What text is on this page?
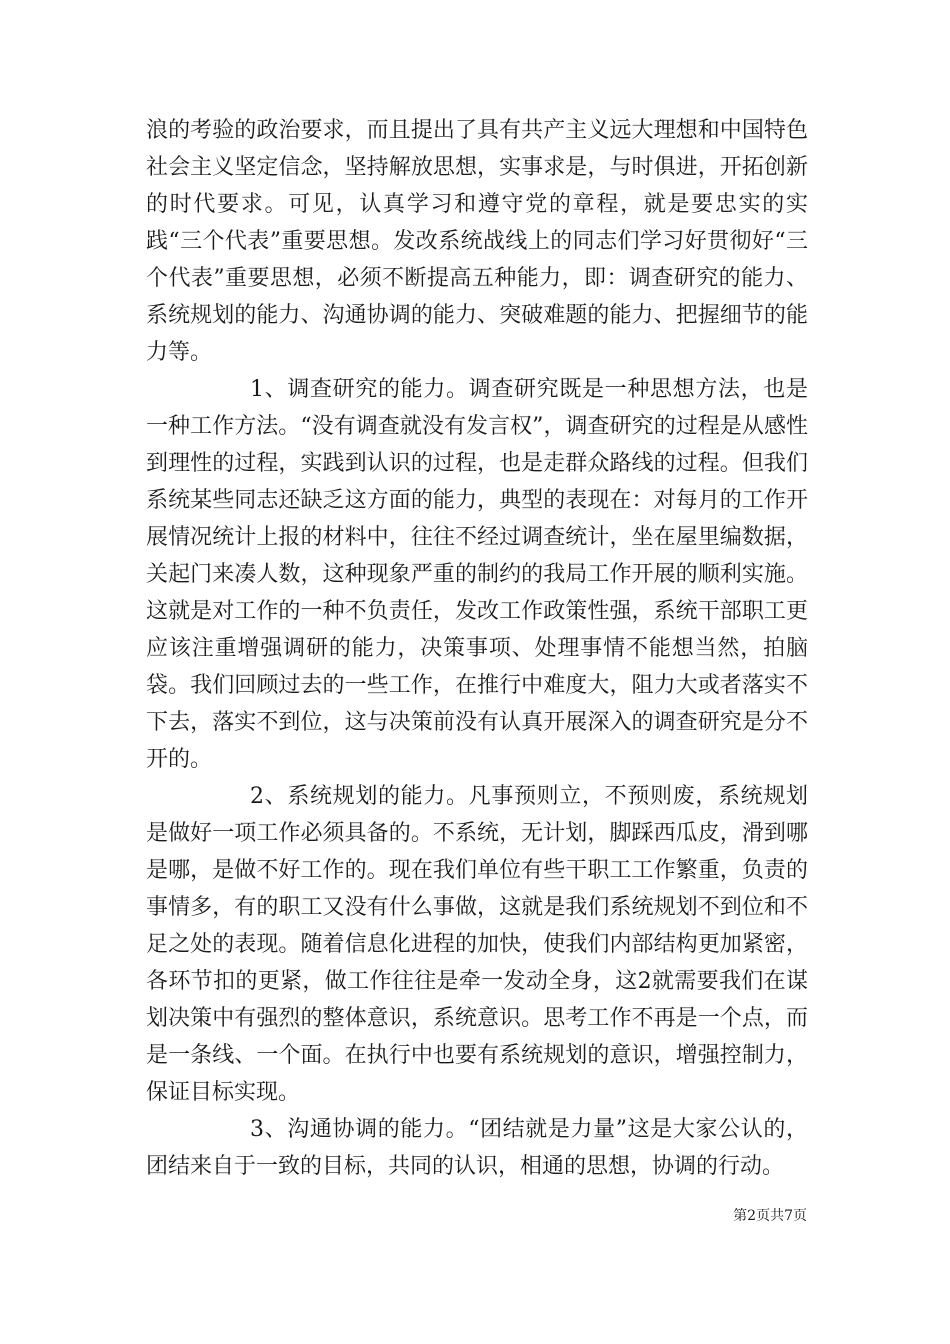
浪的考验的政治要求，而且提出了具有共产主义远大理想和中国特色社会主义坚定信念，坚持解放思想，实事求是，与时俱进，开拓创新的时代要求。可见，认真学习和遵守党的章程，就是要忠实的实践“三个代表”重要思想。发改系统战线上的同志们学习好贯彻好“三个代表”重要思想，必须不断提高五种能力，即：调查研究的能力、系统规划的能力、沟通协调的能力、突破难题的能力、把握细节的能力等。

1、调查研究的能力。调查研究既是一种思想方法，也是一种工作方法。“没有调查就没有发言权”，调查研究的过程是从感性到理性的过程，实践到认识的过程，也是走群众路线的过程。但我们系统某些同志还缺乏这方面的能力，典型的表现在：对每月的工作开展情况统计上报的材料中，往往不经过调查统计，坐在屋里编数据，关起门来凑人数，这种现象严重的制约的我局工作开展的顺利实施。这就是对工作的一种不负责任，发改工作政策性强，系统干部职工更应该注重增强调研的能力，决策事项、处理事情不能想当然，拍脑袋。我们回顾过去的一些工作，在推行中难度大，阻力大或者落实不下去，落实不到位，这与决策前没有认真开展深入的调查研究是分不开的。

2、系统规划的能力。凡事预则立，不预则废，系统规划是做好一项工作必须具备的。不系统，无计划，脚踩西瓜皮，滑到哪是哪，是做不好工作的。现在我们单位有些干职工工作繁重，负责的事情多，有的职工又没有什么事做，这就是我们系统规划不到位和不足之处的表现。随着信息化进程的加快，使我们内部结构更加紧密，各环节扣的更紧，做工作往往是牵一发动全身，这2就需要我们在谋划决策中有强烈的整体意识，系统意识。思考工作不再是一个点，而是一条线、一个面。在执行中也要有系统规划的意识，增强控制力，保证目标实现。

3、沟通协调的能力。“团结就是力量”这是大家公认的，团结来自于一致的目标，共同的认识，相通的思想，协调的行动。

第2页共7页
